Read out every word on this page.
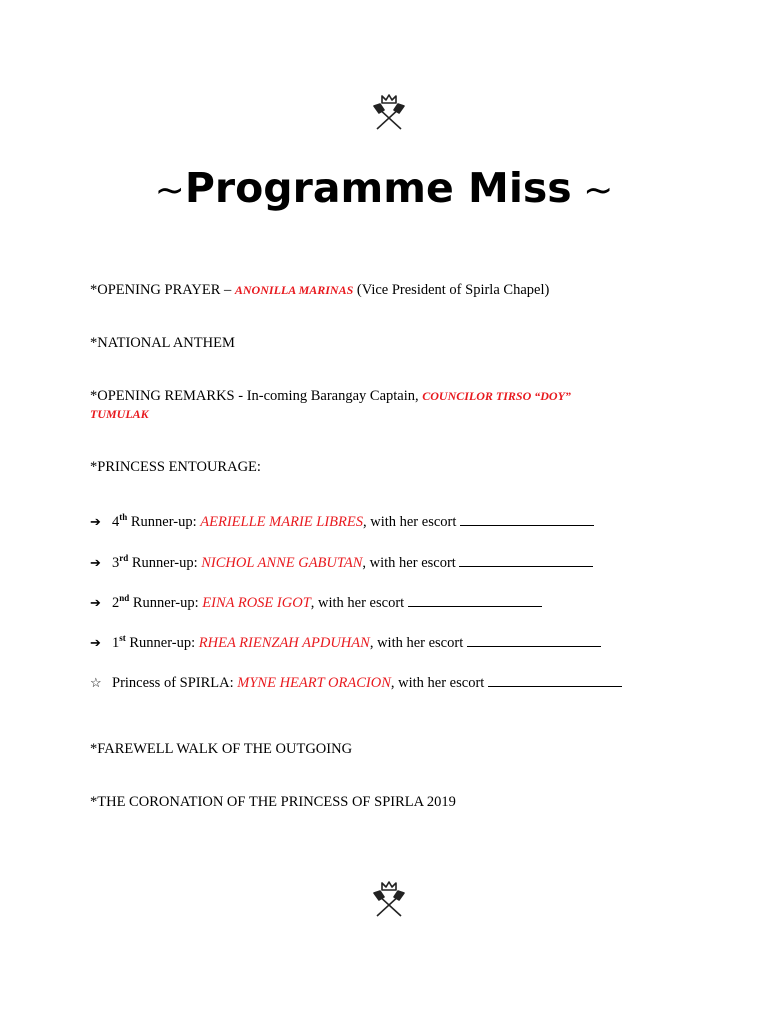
~Programme Miss ~
*OPENING PRAYER – ANONILLA MARINAS (Vice President of Spirla Chapel)
*NATIONAL ANTHEM
*OPENING REMARKS - In-coming Barangay Captain, COUNCILOR TIRSO “DOY”
TUMULAK
*PRINCESS ENTOURAGE:
➔ 4th Runner-up: AERIELLE MARIE LIBRES, with her escort
➔ 3rd Runner-up: NICHOL ANNE GABUTAN, with her escort
➔ 2nd Runner-up: EINA ROSE IGOT, with her escort
➔ 1st Runner-up: RHEA RIENZAH APDUHAN, with her escort
☆ Princess of SPIRLA: MYNE HEART ORACION, with her escort
*FAREWELL WALK OF THE OUTGOING
*THE CORONATION OF THE PRINCESS OF SPIRLA 2019
